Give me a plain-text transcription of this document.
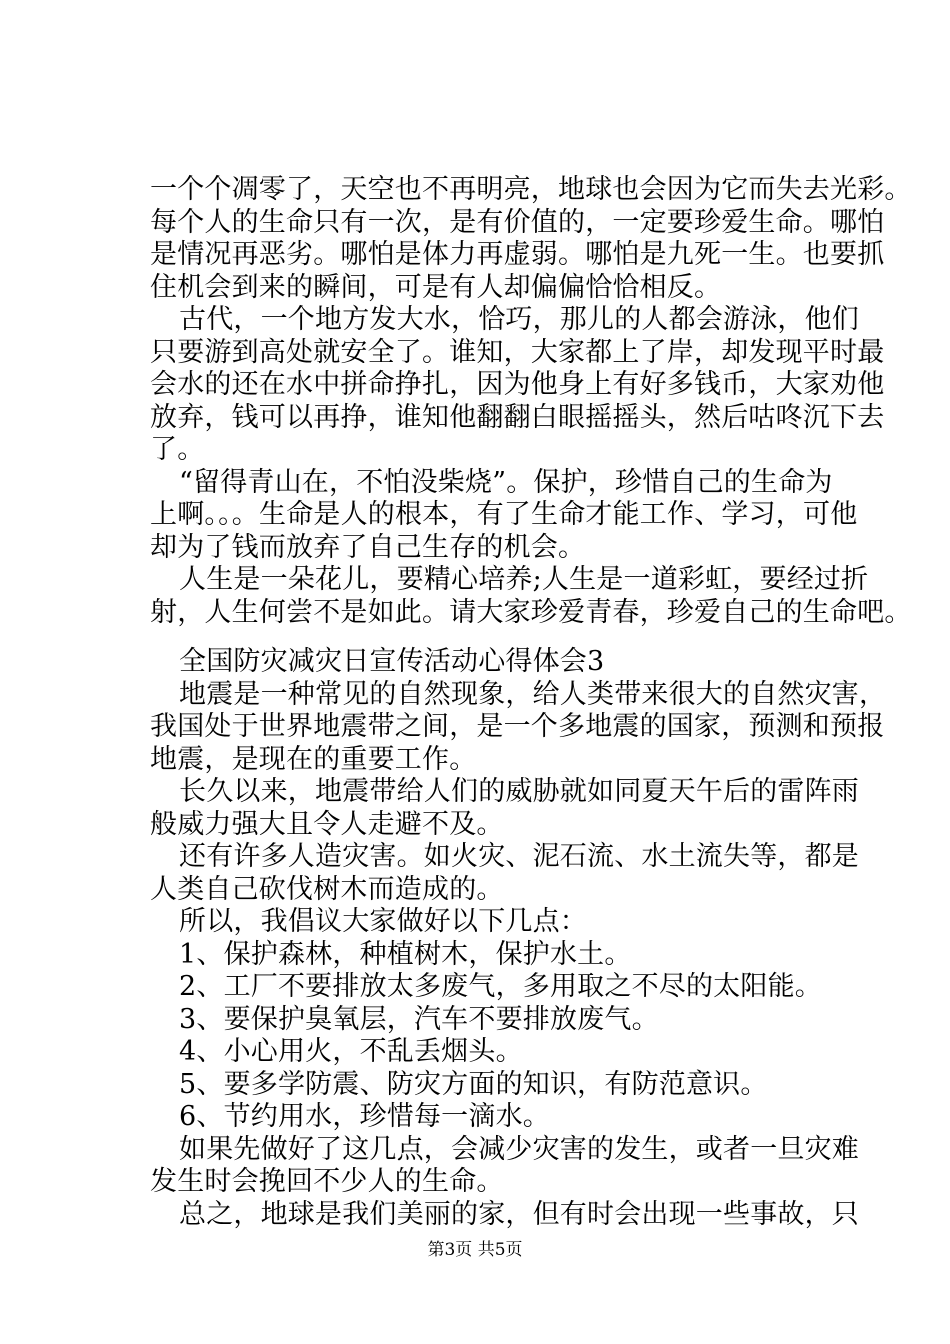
一个个凋零了，天空也不再明亮，地球也会因为它而失去光彩。
每个人的生命只有一次，是有价值的，一定要珍爱生命。哪怕
是情况再恶劣。哪怕是体力再虚弱。哪怕是九死一生。也要抓
住机会到来的瞬间，可是有人却偏偏恰恰相反。
古代，一个地方发大水，恰巧，那儿的人都会游泳，他们
只要游到高处就安全了。谁知，大家都上了岸，却发现平时最
会水的还在水中拼命挣扎，因为他身上有好多钱币，大家劝他
放弃，钱可以再挣，谁知他翻翻白眼摇摇头，然后咕咚沉下去
了。
“留得青山在，不怕没柴烧”。保护，珍惜自己的生命为
上啊。。。生命是人的根本，有了生命才能工作、学习，可他
却为了钱而放弃了自己生存的机会。
人生是一朵花儿，要精心培养;人生是一道彩虹，要经过折
射，人生何尝不是如此。请大家珍爱青春，珍爱自己的生命吧。
全国防灾减灾日宣传活动心得体会3
地震是一种常见的自然现象，给人类带来很大的自然灾害，
我国处于世界地震带之间，是一个多地震的国家，预测和预报
地震，是现在的重要工作。
长久以来，地震带给人们的威胁就如同夏天午后的雷阵雨
般威力强大且令人走避不及。
还有许多人造灾害。如火灾、泥石流、水土流失等，都是
人类自己砍伐树木而造成的。
所以，我倡议大家做好以下几点：
1、保护森林，种植树木，保护水土。
2、工厂不要排放太多废气，多用取之不尽的太阳能。
3、要保护臭氧层，汽车不要排放废气。
4、小心用火，不乱丢烟头。
5、要多学防震、防灾方面的知识，有防范意识。
6、节约用水，珍惜每一滴水。
如果先做好了这几点，会减少灾害的发生，或者一旦灾难
发生时会挽回不少人的生命。
总之，地球是我们美丽的家，但有时会出现一些事故，只
第3页 共5页
